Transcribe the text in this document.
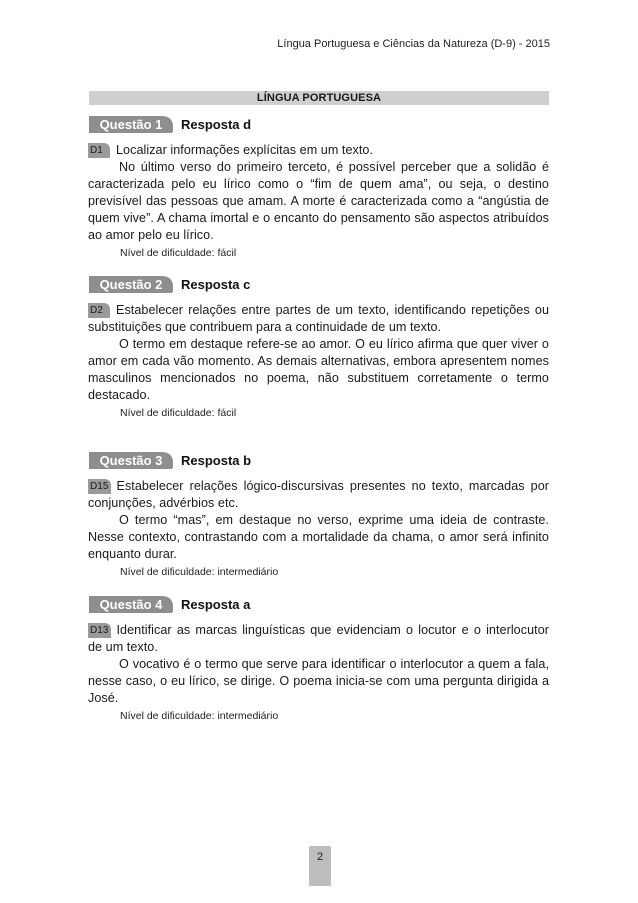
Língua Portuguesa e Ciências da Natureza (D-9) - 2015
LÍNGUA PORTUGUESA
Questão 1	Resposta d
D1 Localizar informações explícitas em um texto.
No último verso do primeiro terceto, é possível perceber que a solidão é caracterizada pelo eu lírico como o “fim de quem ama”, ou seja, o destino previsível das pessoas que amam. A morte é caracterizada como a “angústia de quem vive”. A chama imortal e o encanto do pensamento são aspectos atribuídos ao amor pelo eu lírico.
Nível de dificuldade: fácil
Questão 2	Resposta c
D2 Estabelecer relações entre partes de um texto, identificando repetições ou substituições que contribuem para a continuidade de um texto.
O termo em destaque refere-se ao amor. O eu lírico afirma que quer viver o amor em cada vão momento. As demais alternativas, embora apresentem nomes masculinos mencionados no poema, não substituem corretamente o termo destacado.
Nível de dificuldade: fácil
Questão 3	Resposta b
D15 Estabelecer relações lógico-discursivas presentes no texto, marcadas por conjunções, advérbios etc.
O termo “mas”, em destaque no verso, exprime uma ideia de contraste. Nesse contexto, contrastando com a mortalidade da chama, o amor será infinito enquanto durar.
Nível de dificuldade: intermediário
Questão 4	Resposta a
D13 Identificar as marcas linguísticas que evidenciam o locutor e o interlocutor de um texto.
O vocativo é o termo que serve para identificar o interlocutor a quem a fala, nesse caso, o eu lírico, se dirige. O poema inicia-se com uma pergunta dirigida a José.
Nível de dificuldade: intermediário
2
